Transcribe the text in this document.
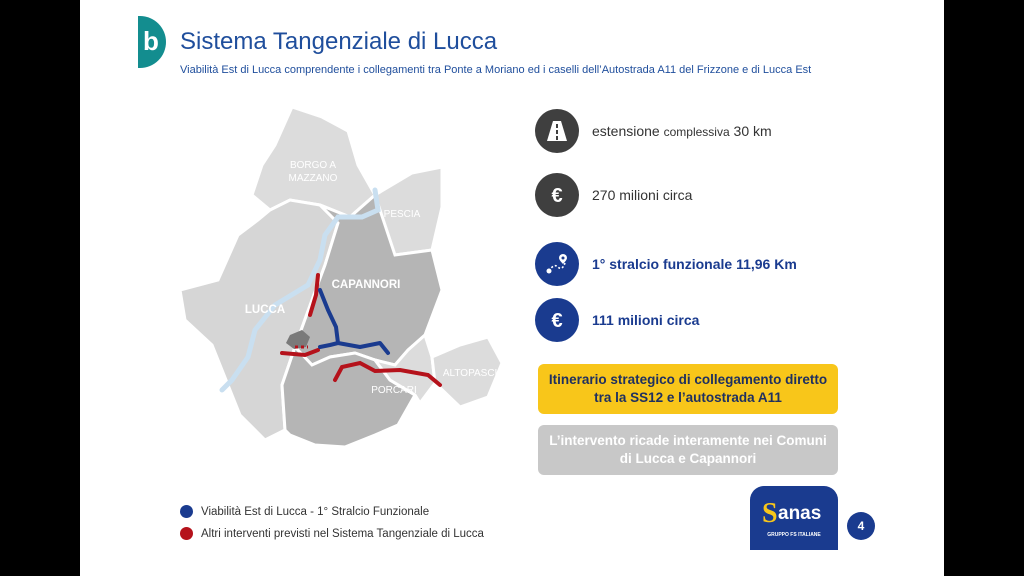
b Sistema Tangenziale di Lucca
Viabilità Est di Lucca comprendente i collegamenti tra Ponte a Moriano ed i caselli dell’Autostrada A11 del Frizzone e di Lucca Est
BORGO A
MAZZANO
PESCIA
CAPANNORI
LUCCA
ALTOPASCIO
PORCARI
estensione complessiva 30 km
€ 270 milioni circa
1° stralcio funzionale 11,96 Km
€ 111 milioni circa
Itinerario strategico di collegamento diretto tra la SS12 e l’autostrada A11
L’intervento ricade interamente nei Comuni di Lucca e Capannori
Viabilità Est di Lucca - 1° Stralcio Funzionale
Altri interventi previsti nel Sistema Tangenziale di Lucca
S anas
GRUPPO FS ITALIANE
4
